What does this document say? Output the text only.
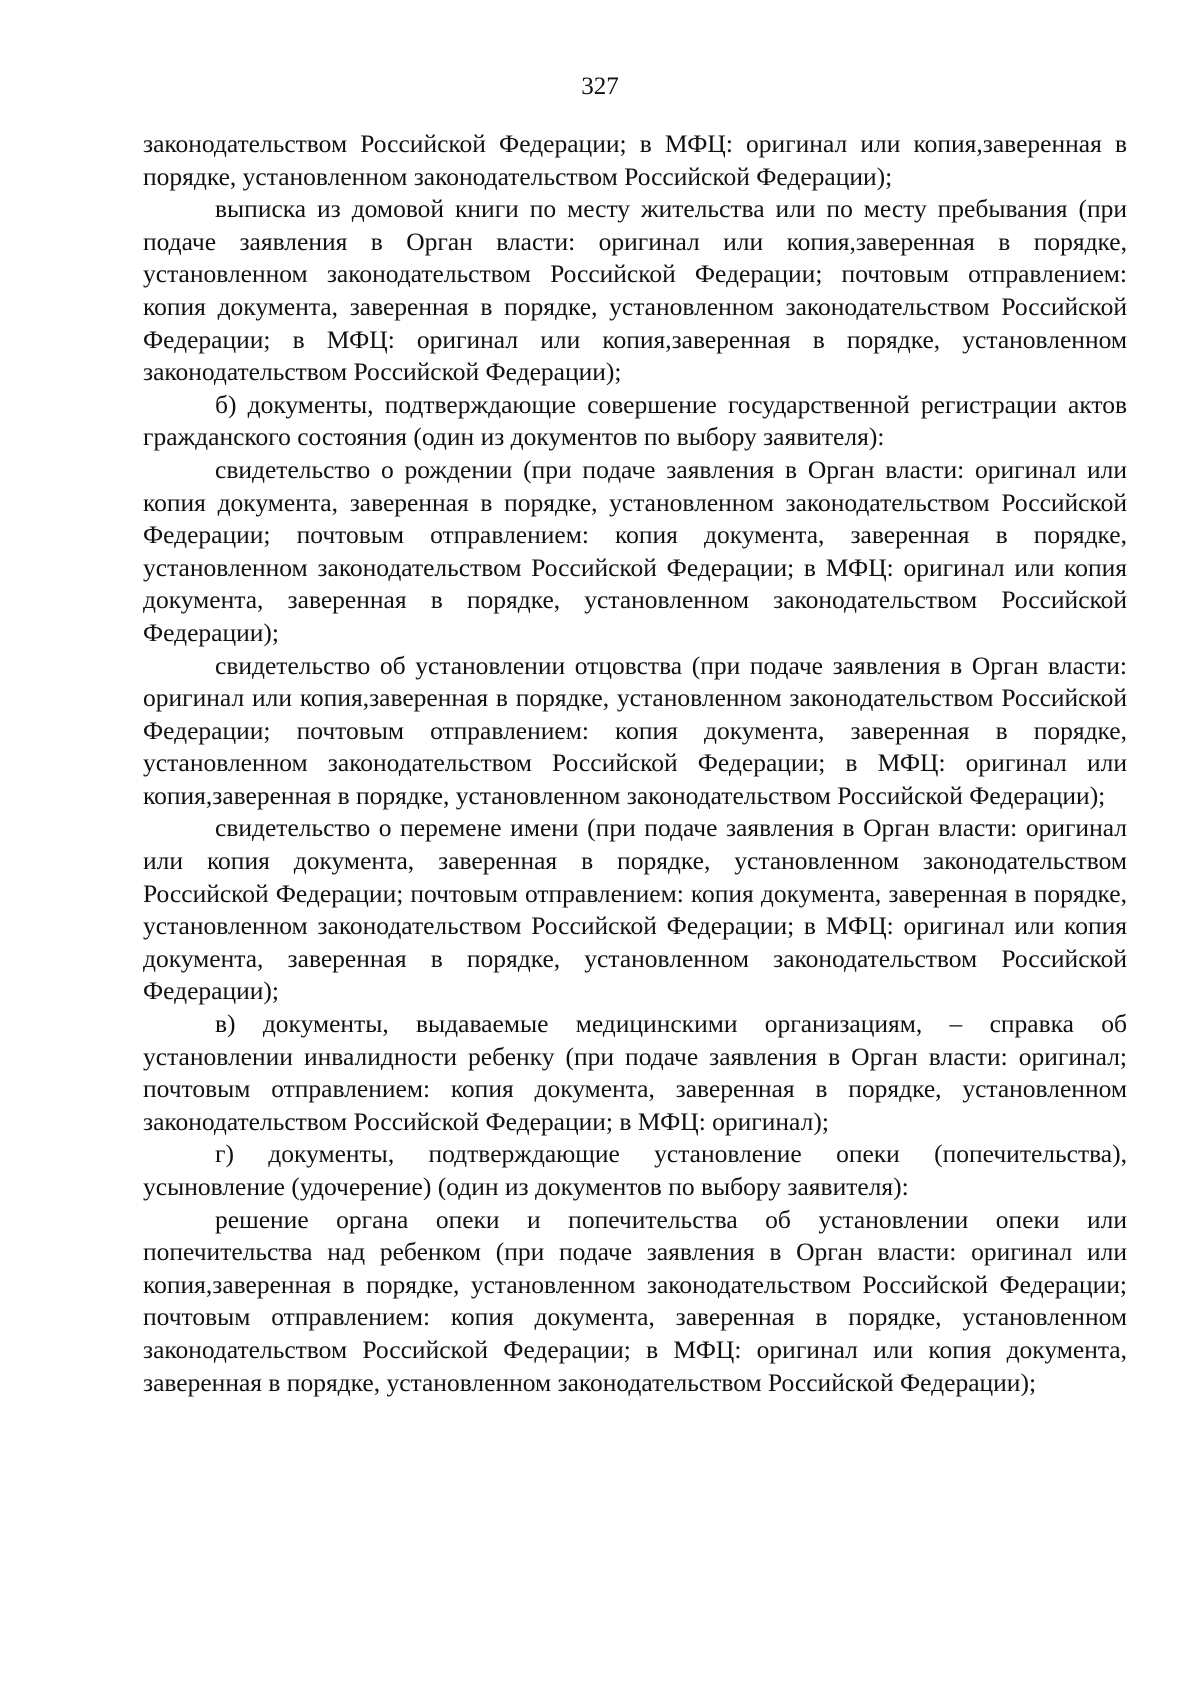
327

законодательством Российской Федерации; в МФЦ: оригинал или копия,заверенная в порядке, установленном законодательством Российской Федерации);

выписка из домовой книги по месту жительства или по месту пребывания (при подаче заявления в Орган власти: оригинал или копия,заверенная в порядке, установленном законодательством Российской Федерации; почтовым отправлением: копия документа, заверенная в порядке, установленном законодательством Российской Федерации; в МФЦ: оригинал или копия,заверенная в порядке, установленном законодательством Российской Федерации);

б) документы, подтверждающие совершение государственной регистрации актов гражданского состояния (один из документов по выбору заявителя):

свидетельство о рождении (при подаче заявления в Орган власти: оригинал или копия документа, заверенная в порядке, установленном законодательством Российской Федерации; почтовым отправлением: копия документа, заверенная в порядке, установленном законодательством Российской Федерации; в МФЦ: оригинал или копия документа, заверенная в порядке, установленном законодательством Российской Федерации);

свидетельство об установлении отцовства (при подаче заявления в Орган власти: оригинал или копия,заверенная в порядке, установленном законодательством Российской Федерации; почтовым отправлением: копия документа, заверенная в порядке, установленном законодательством Российской Федерации; в МФЦ: оригинал или копия,заверенная в порядке, установленном законодательством Российской Федерации);

свидетельство о перемене имени (при подаче заявления в Орган власти: оригинал или копия документа, заверенная в порядке, установленном законодательством Российской Федерации; почтовым отправлением: копия документа, заверенная в порядке, установленном законодательством Российской Федерации; в МФЦ: оригинал или копия документа, заверенная в порядке, установленном законодательством Российской Федерации);

в) документы, выдаваемые медицинскими организациям, – справка об установлении инвалидности ребенку (при подаче заявления в Орган власти: оригинал; почтовым отправлением: копия документа, заверенная в порядке, установленном законодательством Российской Федерации; в МФЦ: оригинал);

г) документы, подтверждающие установление опеки (попечительства), усыновление (удочерение) (один из документов по выбору заявителя):

решение органа опеки и попечительства об установлении опеки или попечительства над ребенком (при подаче заявления в Орган власти: оригинал или копия,заверенная в порядке, установленном законодательством Российской Федерации; почтовым отправлением: копия документа, заверенная в порядке, установленном законодательством Российской Федерации; в МФЦ: оригинал или копия документа, заверенная в порядке, установленном законодательством Российской Федерации);
